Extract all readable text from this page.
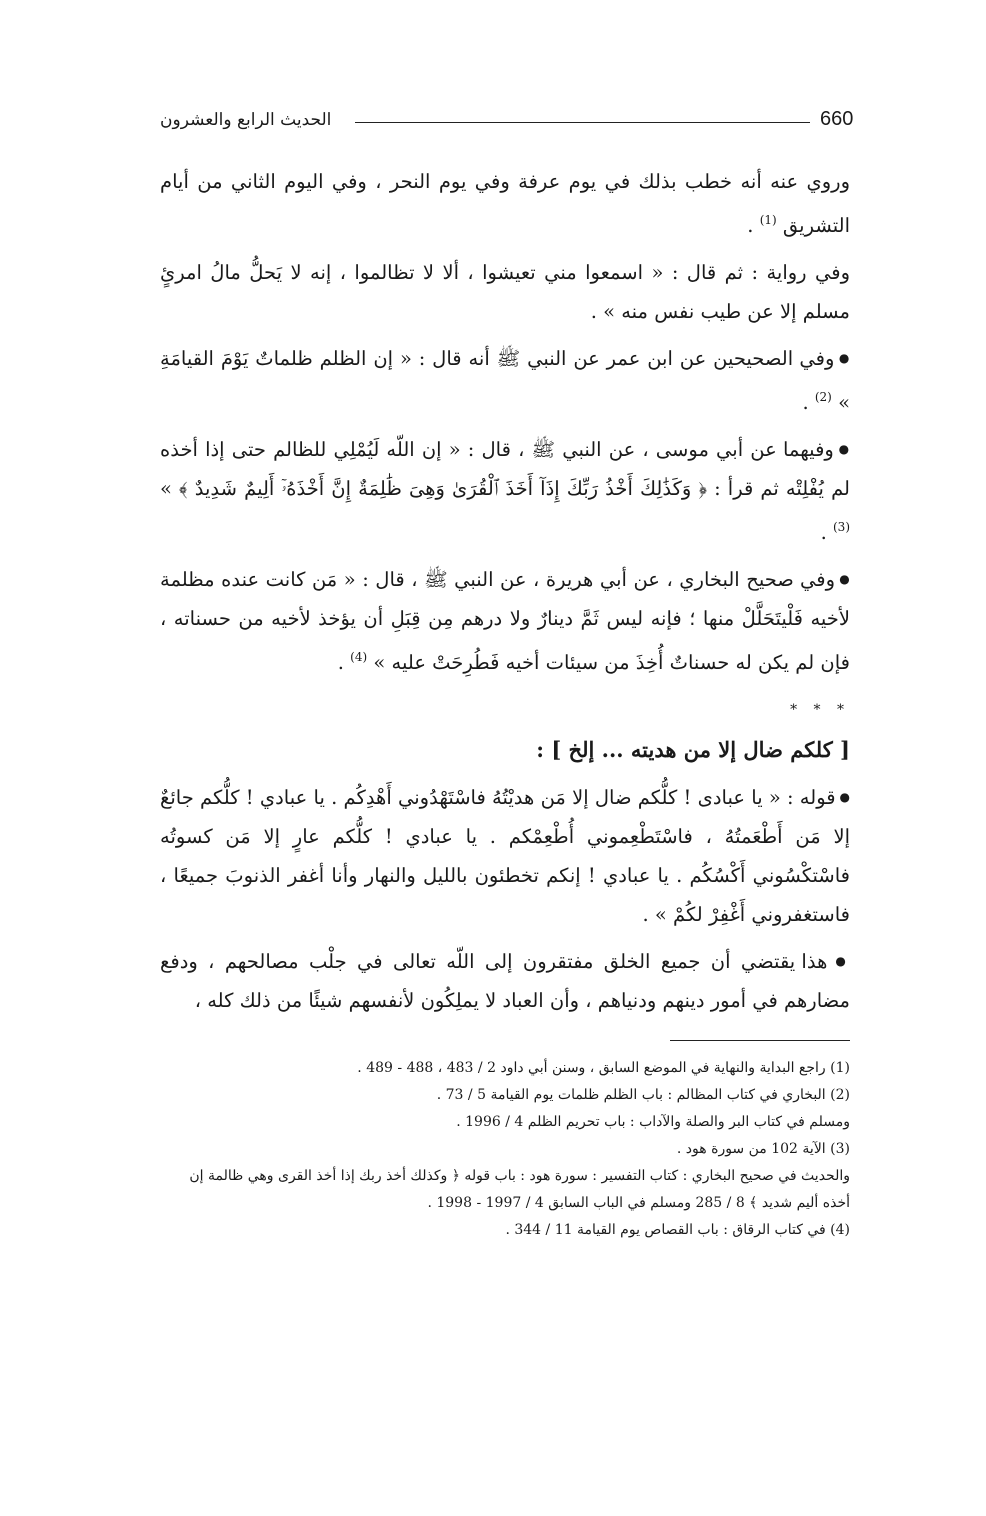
660
الحديث الرابع والعشرون

وروي عنه أنه خطب بذلك في يوم عرفة وفي يوم النحر ، وفي اليوم الثاني من أيام التشريق $^{(1)}$ .

وفي رواية : ثم قال : « اسمعوا مني تعيشوا ، ألا لا تظالموا ، إنه لا يَحلُّ مالُ امرئٍ مسلم إلا عن طيب نفس منه » .

● وفي الصحيحين عن ابن عمر عن النبي ﷺ أنه قال : « إن الظلم ظلماتٌ يَوْمَ القيامَةِ » $^{(2)}$ .

● وفيهما عن أبي موسى ، عن النبي ﷺ ، قال : « إن اللّه لَيُمْلِي للظالم حتى إذا أخذه لم يُفْلِتْه ثم قرأ : ﴿ وَكَذَٰلِكَ أَخْذُ رَبِّكَ إِذَآ أَخَذَ ٱلْقُرَىٰ وَهِىَ ظَٰلِمَةٌ إِنَّ أَخْذَهُۥٓ أَلِيمٌ شَدِيدٌ ﴾ » $^{(3)}$ .

● وفي صحيح البخاري ، عن أبي هريرة ، عن النبي ﷺ ، قال : « مَن كانت عنده مظلمة لأخيه فَلْيتَحَلَّلْ منها ؛ فإنه ليس ثَمَّ دينارٌ ولا درهم مِن قِبَلِ أن يؤخذ لأخيه من حسناته ، فإن لم يكن له حسناتٌ أُخِذَ من سيئات أخيه فَطُرِحَتْ عليه » $^{(4)}$ .

* * *
[ كلكم ضال إلا من هديته ... إلخ ] :

● قوله : « يا عبادى ! كلُّكم ضال إلا مَن هديْتُهُ فاسْتَهْدُوني أَهْدِكُم . يا عبادي ! كلُّكم جائعٌ إلا مَن أَطْعَمتُهُ ، فاسْتَطْعِموني أُطْعِمْكم . يا عبادي ! كلُّكم عارٍ إلا مَن كسوتُه فاسْتكْسُوني أَكْسُكُم . يا عبادي ! إنكم تخطئون بالليل والنهار وأنا أغفر الذنوبَ جميعًا ، فاستغفروني أَغْفِرْ لكُمْ » .

● هذا يقتضي أن جميع الخلق مفتقرون إلى اللّه تعالى في جلْب مصالحهم ، ودفع مضارهم في أمور دينهم ودنياهم ، وأن العباد لا يملِكُون لأنفسهم شيئًا من ذلك كله ،

(1) راجع البداية والنهاية في الموضع السابق ، وسنن أبي داود 2 / 483 ، 488 - 489 .
(2) البخاري في كتاب المظالم : باب الظلم ظلمات يوم القيامة 5 / 73 .
ومسلم في كتاب البر والصلة والآداب : باب تحريم الظلم 4 / 1996 .
(3) الآية 102 من سورة هود .
والحديث في صحيح البخاري : كتاب التفسير : سورة هود : باب قوله ﴿ وكذلك أخذ ربك إذا أخذ القرى وهي ظالمة إن أخذه أليم شديد ﴾ 8 / 285 ومسلم في الباب السابق 4 / 1997 - 1998 .
(4) في كتاب الرقاق : باب القصاص يوم القيامة 11 / 344 .
